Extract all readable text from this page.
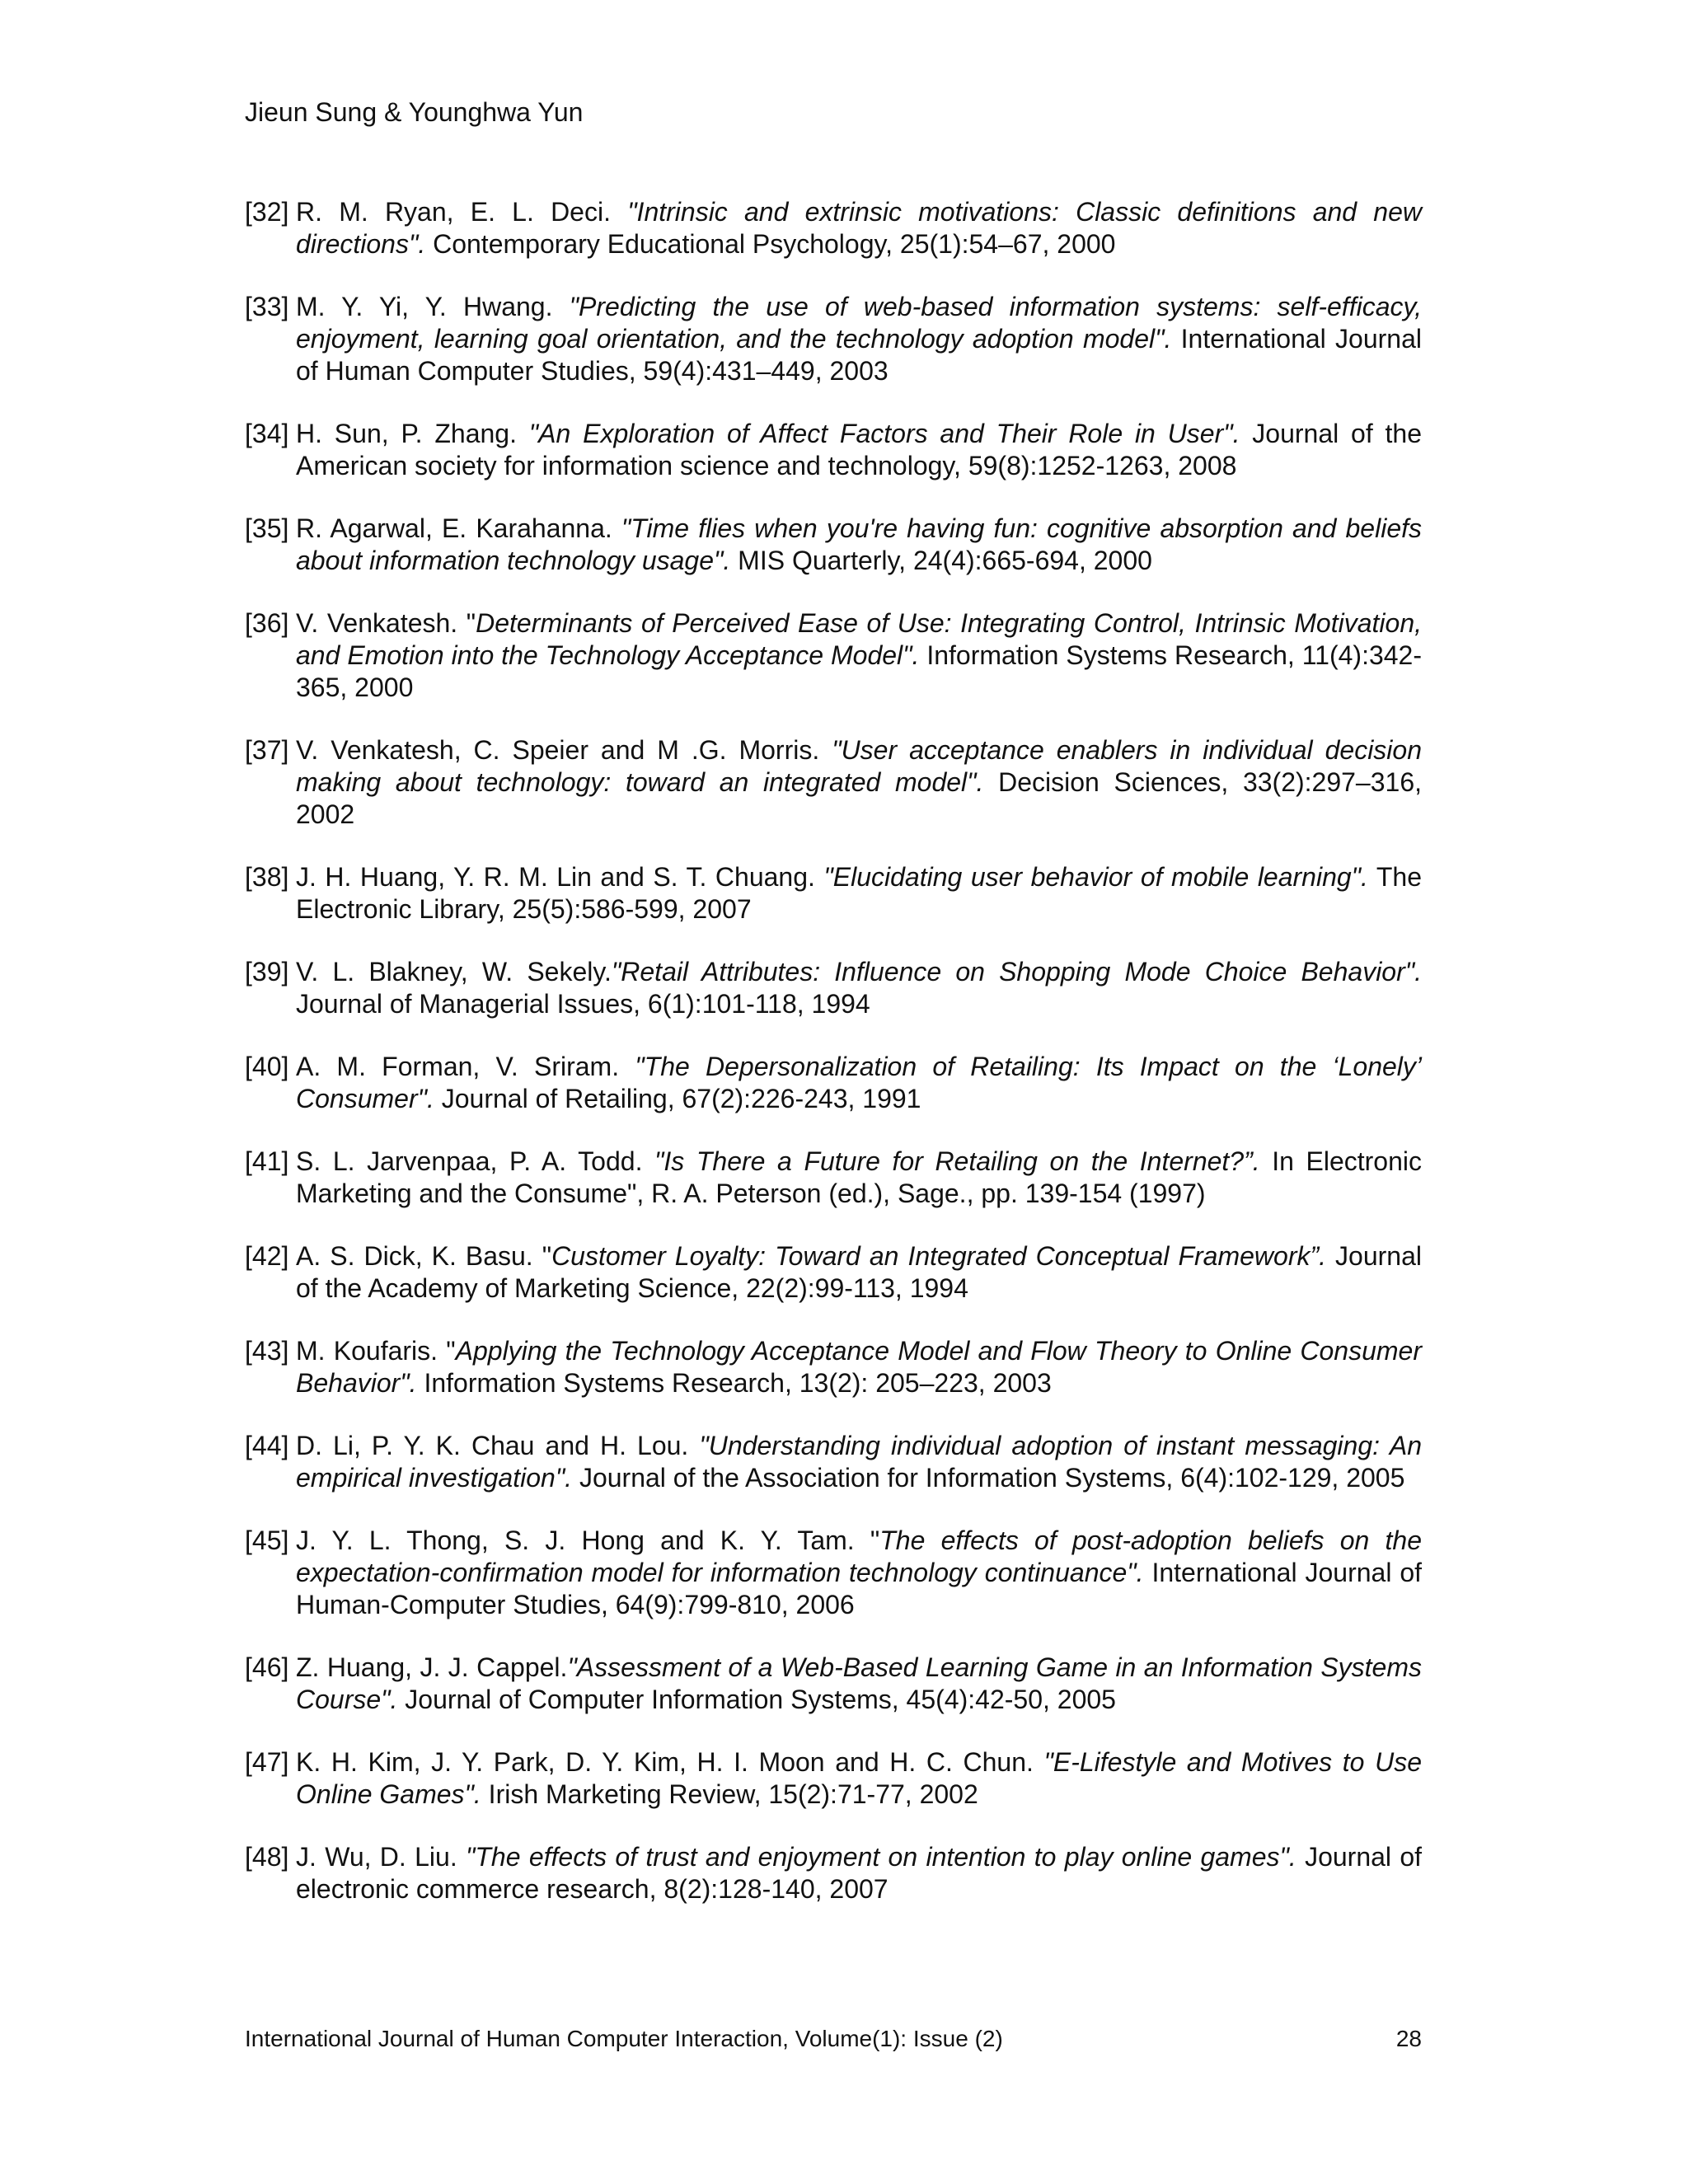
Jieun Sung & Younghwa Yun
[32] R. M. Ryan, E. L. Deci. "Intrinsic and extrinsic motivations: Classic definitions and new directions". Contemporary Educational Psychology, 25(1):54–67, 2000
[33] M. Y. Yi, Y. Hwang. "Predicting the use of web-based information systems: self-efficacy, enjoyment, learning goal orientation, and the technology adoption model". International Journal of Human Computer Studies, 59(4):431–449, 2003
[34] H. Sun, P. Zhang. "An Exploration of Affect Factors and Their Role in User". Journal of the American society for information science and technology, 59(8):1252-1263, 2008
[35] R. Agarwal, E. Karahanna. "Time flies when you're having fun: cognitive absorption and beliefs about information technology usage". MIS Quarterly, 24(4):665-694, 2000
[36] V. Venkatesh. "Determinants of Perceived Ease of Use: Integrating Control, Intrinsic Motivation, and Emotion into the Technology Acceptance Model". Information Systems Research, 11(4):342-365, 2000
[37] V. Venkatesh, C. Speier and M .G. Morris. "User acceptance enablers in individual decision making about technology: toward an integrated model". Decision Sciences, 33(2):297–316, 2002
[38] J. H. Huang, Y. R. M. Lin and S. T. Chuang. "Elucidating user behavior of mobile learning". The Electronic Library, 25(5):586-599, 2007
[39] V. L. Blakney, W. Sekely."Retail Attributes: Influence on Shopping Mode Choice Behavior". Journal of Managerial Issues, 6(1):101-118, 1994
[40] A. M. Forman, V. Sriram. "The Depersonalization of Retailing: Its Impact on the ‘Lonely’ Consumer". Journal of Retailing, 67(2):226-243, 1991
[41] S. L. Jarvenpaa, P. A. Todd. "Is There a Future for Retailing on the Internet?”. In Electronic Marketing and the Consume", R. A. Peterson (ed.), Sage., pp. 139-154 (1997)
[42] A. S. Dick, K. Basu. "Customer Loyalty: Toward an Integrated Conceptual Framework”. Journal of the Academy of Marketing Science, 22(2):99-113, 1994
[43] M. Koufaris. "Applying the Technology Acceptance Model and Flow Theory to Online Consumer Behavior". Information Systems Research, 13(2): 205–223, 2003
[44] D. Li, P. Y. K. Chau and H. Lou. "Understanding individual adoption of instant messaging: An empirical investigation". Journal of the Association for Information Systems, 6(4):102-129, 2005
[45] J. Y. L. Thong, S. J. Hong and K. Y. Tam. "The effects of post-adoption beliefs on the expectation-confirmation model for information technology continuance". International Journal of Human-Computer Studies, 64(9):799-810, 2006
[46] Z. Huang, J. J. Cappel."Assessment of a Web-Based Learning Game in an Information Systems Course". Journal of Computer Information Systems, 45(4):42-50, 2005
[47] K. H. Kim, J. Y. Park, D. Y. Kim, H. I. Moon and H. C. Chun. "E-Lifestyle and Motives to Use Online Games". Irish Marketing Review, 15(2):71-77, 2002
[48] J. Wu, D. Liu. "The effects of trust and enjoyment on intention to play online games". Journal of electronic commerce research, 8(2):128-140, 2007
International Journal of Human Computer Interaction, Volume(1): Issue (2)	28
